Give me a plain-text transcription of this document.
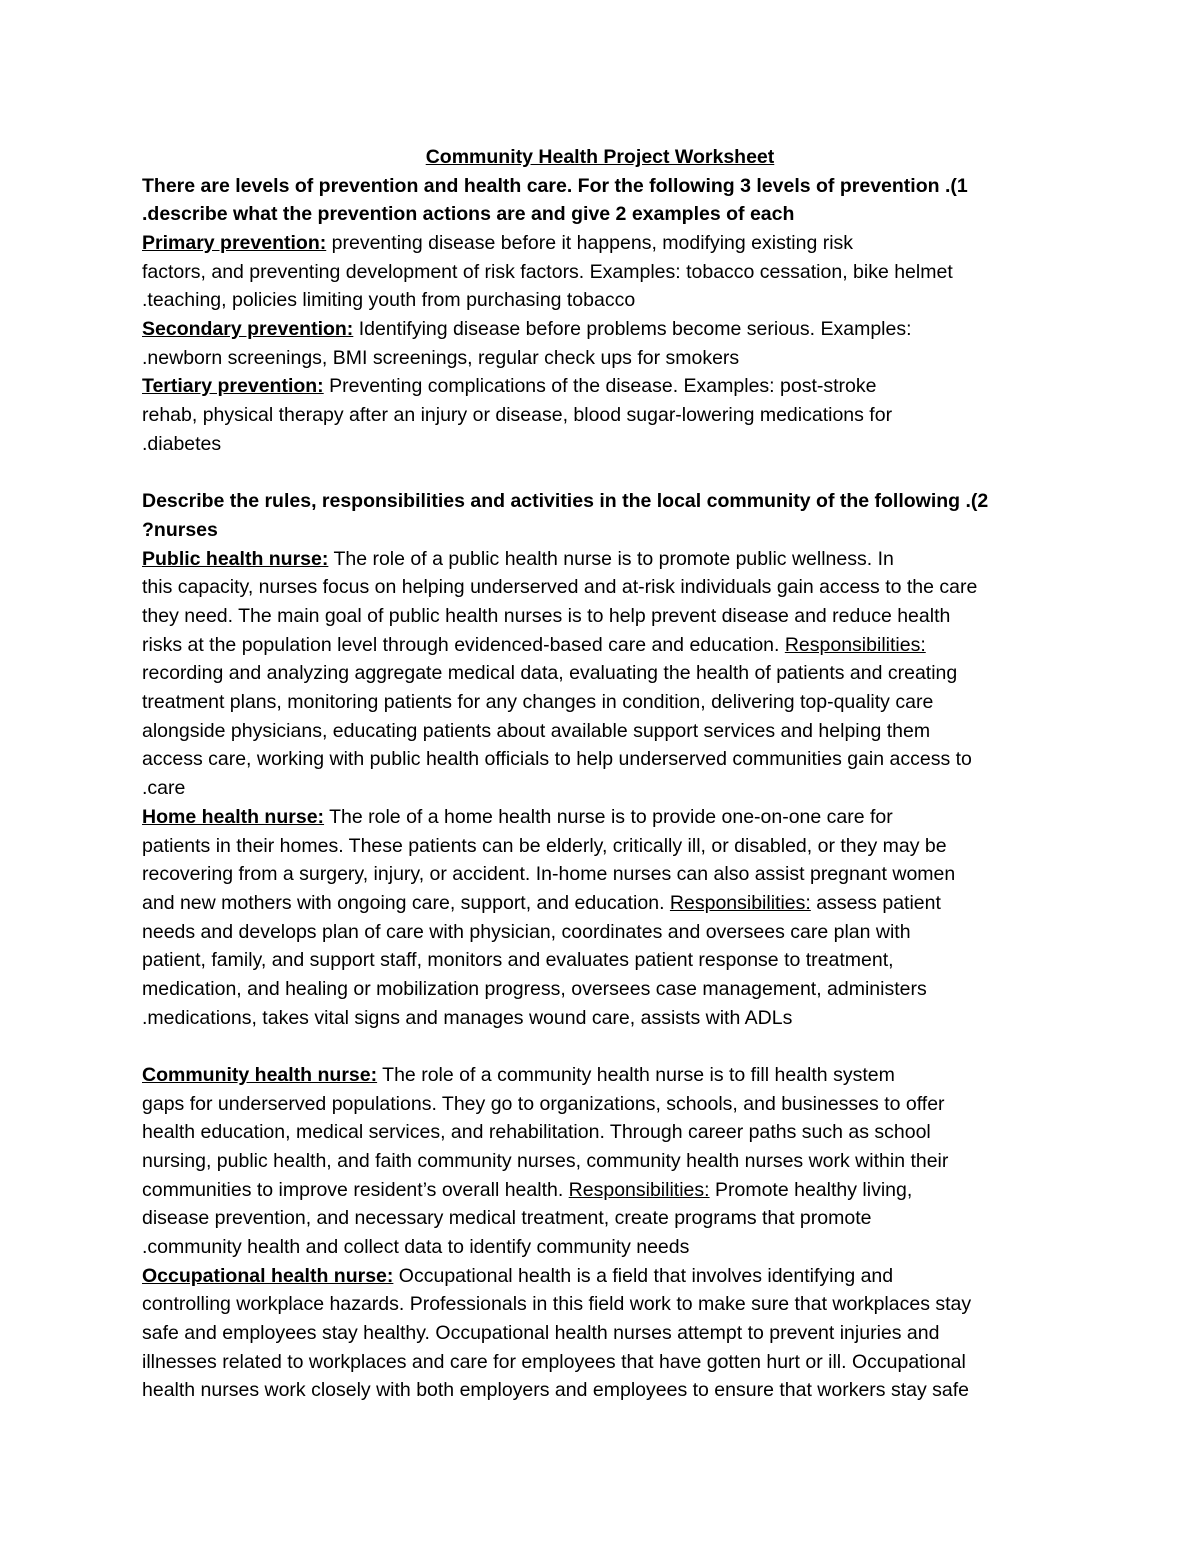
Community Health Project Worksheet
There are levels of prevention and health care. For the following 3 levels of prevention .(1
.describe what the prevention actions are and give 2 examples of each
Primary prevention: preventing disease before it happens, modifying existing risk
factors, and preventing development of risk factors. Examples: tobacco cessation, bike helmet
.teaching, policies limiting youth from purchasing tobacco
Secondary prevention: Identifying disease before problems become serious. Examples:
.newborn screenings, BMI screenings, regular check ups for smokers
Tertiary prevention: Preventing complications of the disease. Examples: post-stroke
rehab, physical therapy after an injury or disease, blood sugar-lowering medications for
.diabetes
Describe the rules, responsibilities and activities in the local community of the following .(2
?nurses
Public health nurse: The role of a public health nurse is to promote public wellness. In
this capacity, nurses focus on helping underserved and at-risk individuals gain access to the care
they need. The main goal of public health nurses is to help prevent disease and reduce health
risks at the population level through evidenced-based care and education. Responsibilities:
recording and analyzing aggregate medical data, evaluating the health of patients and creating
treatment plans, monitoring patients for any changes in condition, delivering top-quality care
alongside physicians, educating patients about available support services and helping them
access care, working with public health officials to help underserved communities gain access to
.care
Home health nurse: The role of a home health nurse is to provide one-on-one care for
patients in their homes. These patients can be elderly, critically ill, or disabled, or they may be
recovering from a surgery, injury, or accident. In-home nurses can also assist pregnant women
and new mothers with ongoing care, support, and education. Responsibilities: assess patient
needs and develops plan of care with physician, coordinates and oversees care plan with
patient, family, and support staff, monitors and evaluates patient response to treatment,
medication, and healing or mobilization progress, oversees case management, administers
.medications, takes vital signs and manages wound care, assists with ADLs
Community health nurse: The role of a community health nurse is to fill health system
gaps for underserved populations. They go to organizations, schools, and businesses to offer
health education, medical services, and rehabilitation. Through career paths such as school
nursing, public health, and faith community nurses, community health nurses work within their
communities to improve resident’s overall health. Responsibilities: Promote healthy living,
disease prevention, and necessary medical treatment, create programs that promote
.community health and collect data to identify community needs
Occupational health nurse: Occupational health is a field that involves identifying and
controlling workplace hazards. Professionals in this field work to make sure that workplaces stay
safe and employees stay healthy. Occupational health nurses attempt to prevent injuries and
illnesses related to workplaces and care for employees that have gotten hurt or ill. Occupational
health nurses work closely with both employers and employees to ensure that workers stay safe
